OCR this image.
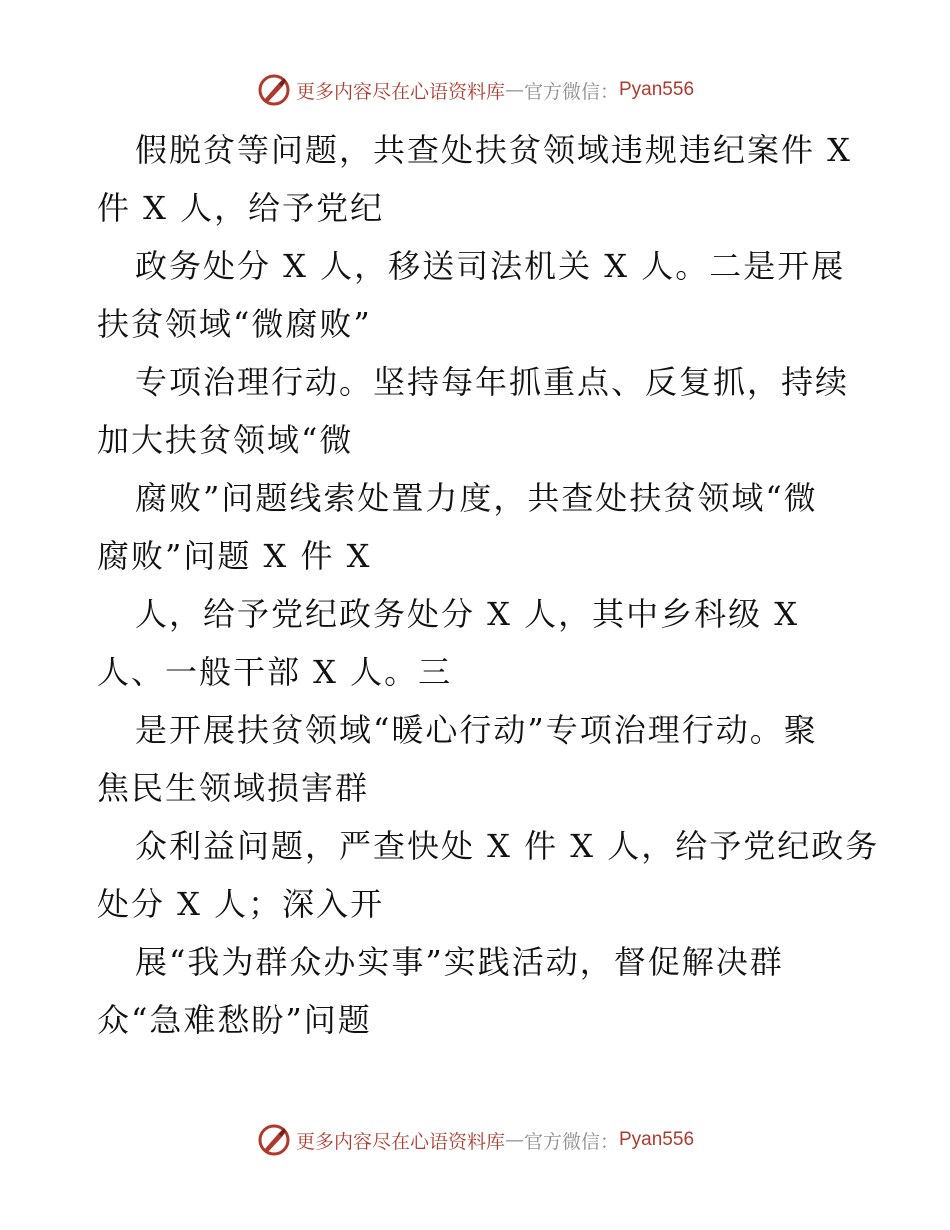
更多内容尽在心语资料库 — 官方微信： Pyan556
假脱贫等问题，共查处扶贫领域违规违纪案件 X
件 X 人，给予党纪
政务处分 X 人，移送司法机关 X 人。二是开展
扶贫领域“微腐败”
专项治理行动。坚持每年抓重点、反复抓，持续
加大扶贫领域“微
腐败”问题线索处置力度，共查处扶贫领域“微
腐败”问题 X 件 X
人，给予党纪政务处分 X 人，其中乡科级 X
人、一般干部 X 人。三
是开展扶贫领域“暖心行动”专项治理行动。聚
焦民生领域损害群
众利益问题，严查快处 X 件 X 人，给予党纪政务
处分 X 人；深入开
展“我为群众办实事”实践活动，督促解决群
众“急难愁盼”问题
更多内容尽在心语资料库 — 官方微信： Pyan556
